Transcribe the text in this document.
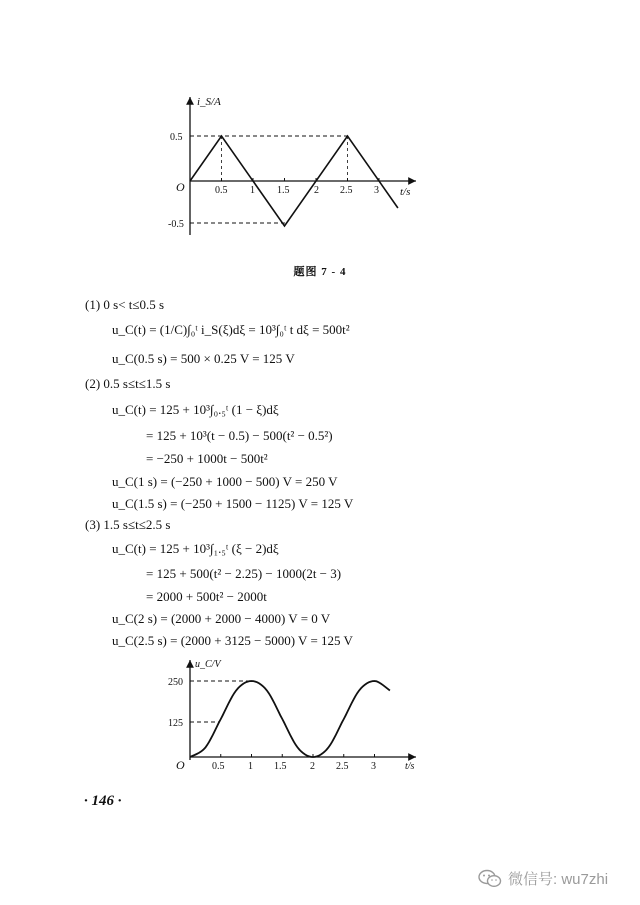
O
i_S/A
t/s
0.5 1 1.5 2 2.5 3
0.5
-0.5
题图 7 - 4
(1) 0 s< t≤0.5 s
u_C(t) = (1/C)∫₀ᵗ i_S(ξ)dξ = 10³∫₀ᵗ t dξ = 500t²
u_C(0.5 s) = 500 × 0.25 V = 125 V
(2) 0.5 s≤t≤1.5 s
u_C(t) = 125 + 10³∫₀.₅ᵗ (1 − ξ)dξ
= 125 + 10³(t − 0.5) − 500(t² − 0.5²)
= −250 + 1000t − 500t²
u_C(1 s) = (−250 + 1000 − 500) V = 250 V
u_C(1.5 s) = (−250 + 1500 − 1125) V = 125 V
(3) 1.5 s≤t≤2.5 s
u_C(t) = 125 + 10³∫₁.₅ᵗ (ξ − 2)dξ
= 125 + 500(t² − 2.25) − 1000(2t − 3)
= 2000 + 500t² − 2000t
u_C(2 s) = (2000 + 2000 − 4000) V = 0 V
u_C(2.5 s) = (2000 + 3125 − 5000) V = 125 V
O
u_C/V
t/s
0.5 1 1.5 2 2.5 3
250
125
· 146 ·
微信号: wu7zhi
